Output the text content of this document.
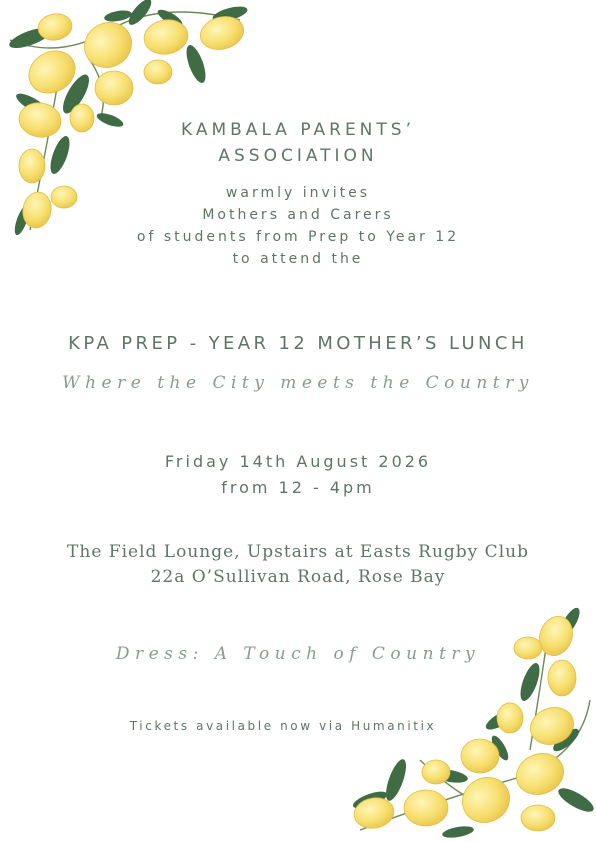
KAMBALA PARENTS’
ASSOCIATION
warmly invites
Mothers and Carers
of students from Prep to Year 12
to attend the
KPA PREP - YEAR 12 MOTHER’S LUNCH
Where the City meets the Country
Friday 14th August 2026
from 12 - 4pm
The Field Lounge, Upstairs at Easts Rugby Club
22a O’Sullivan Road, Rose Bay
Dress: A Touch of Country
Tickets available now via Humanitix
